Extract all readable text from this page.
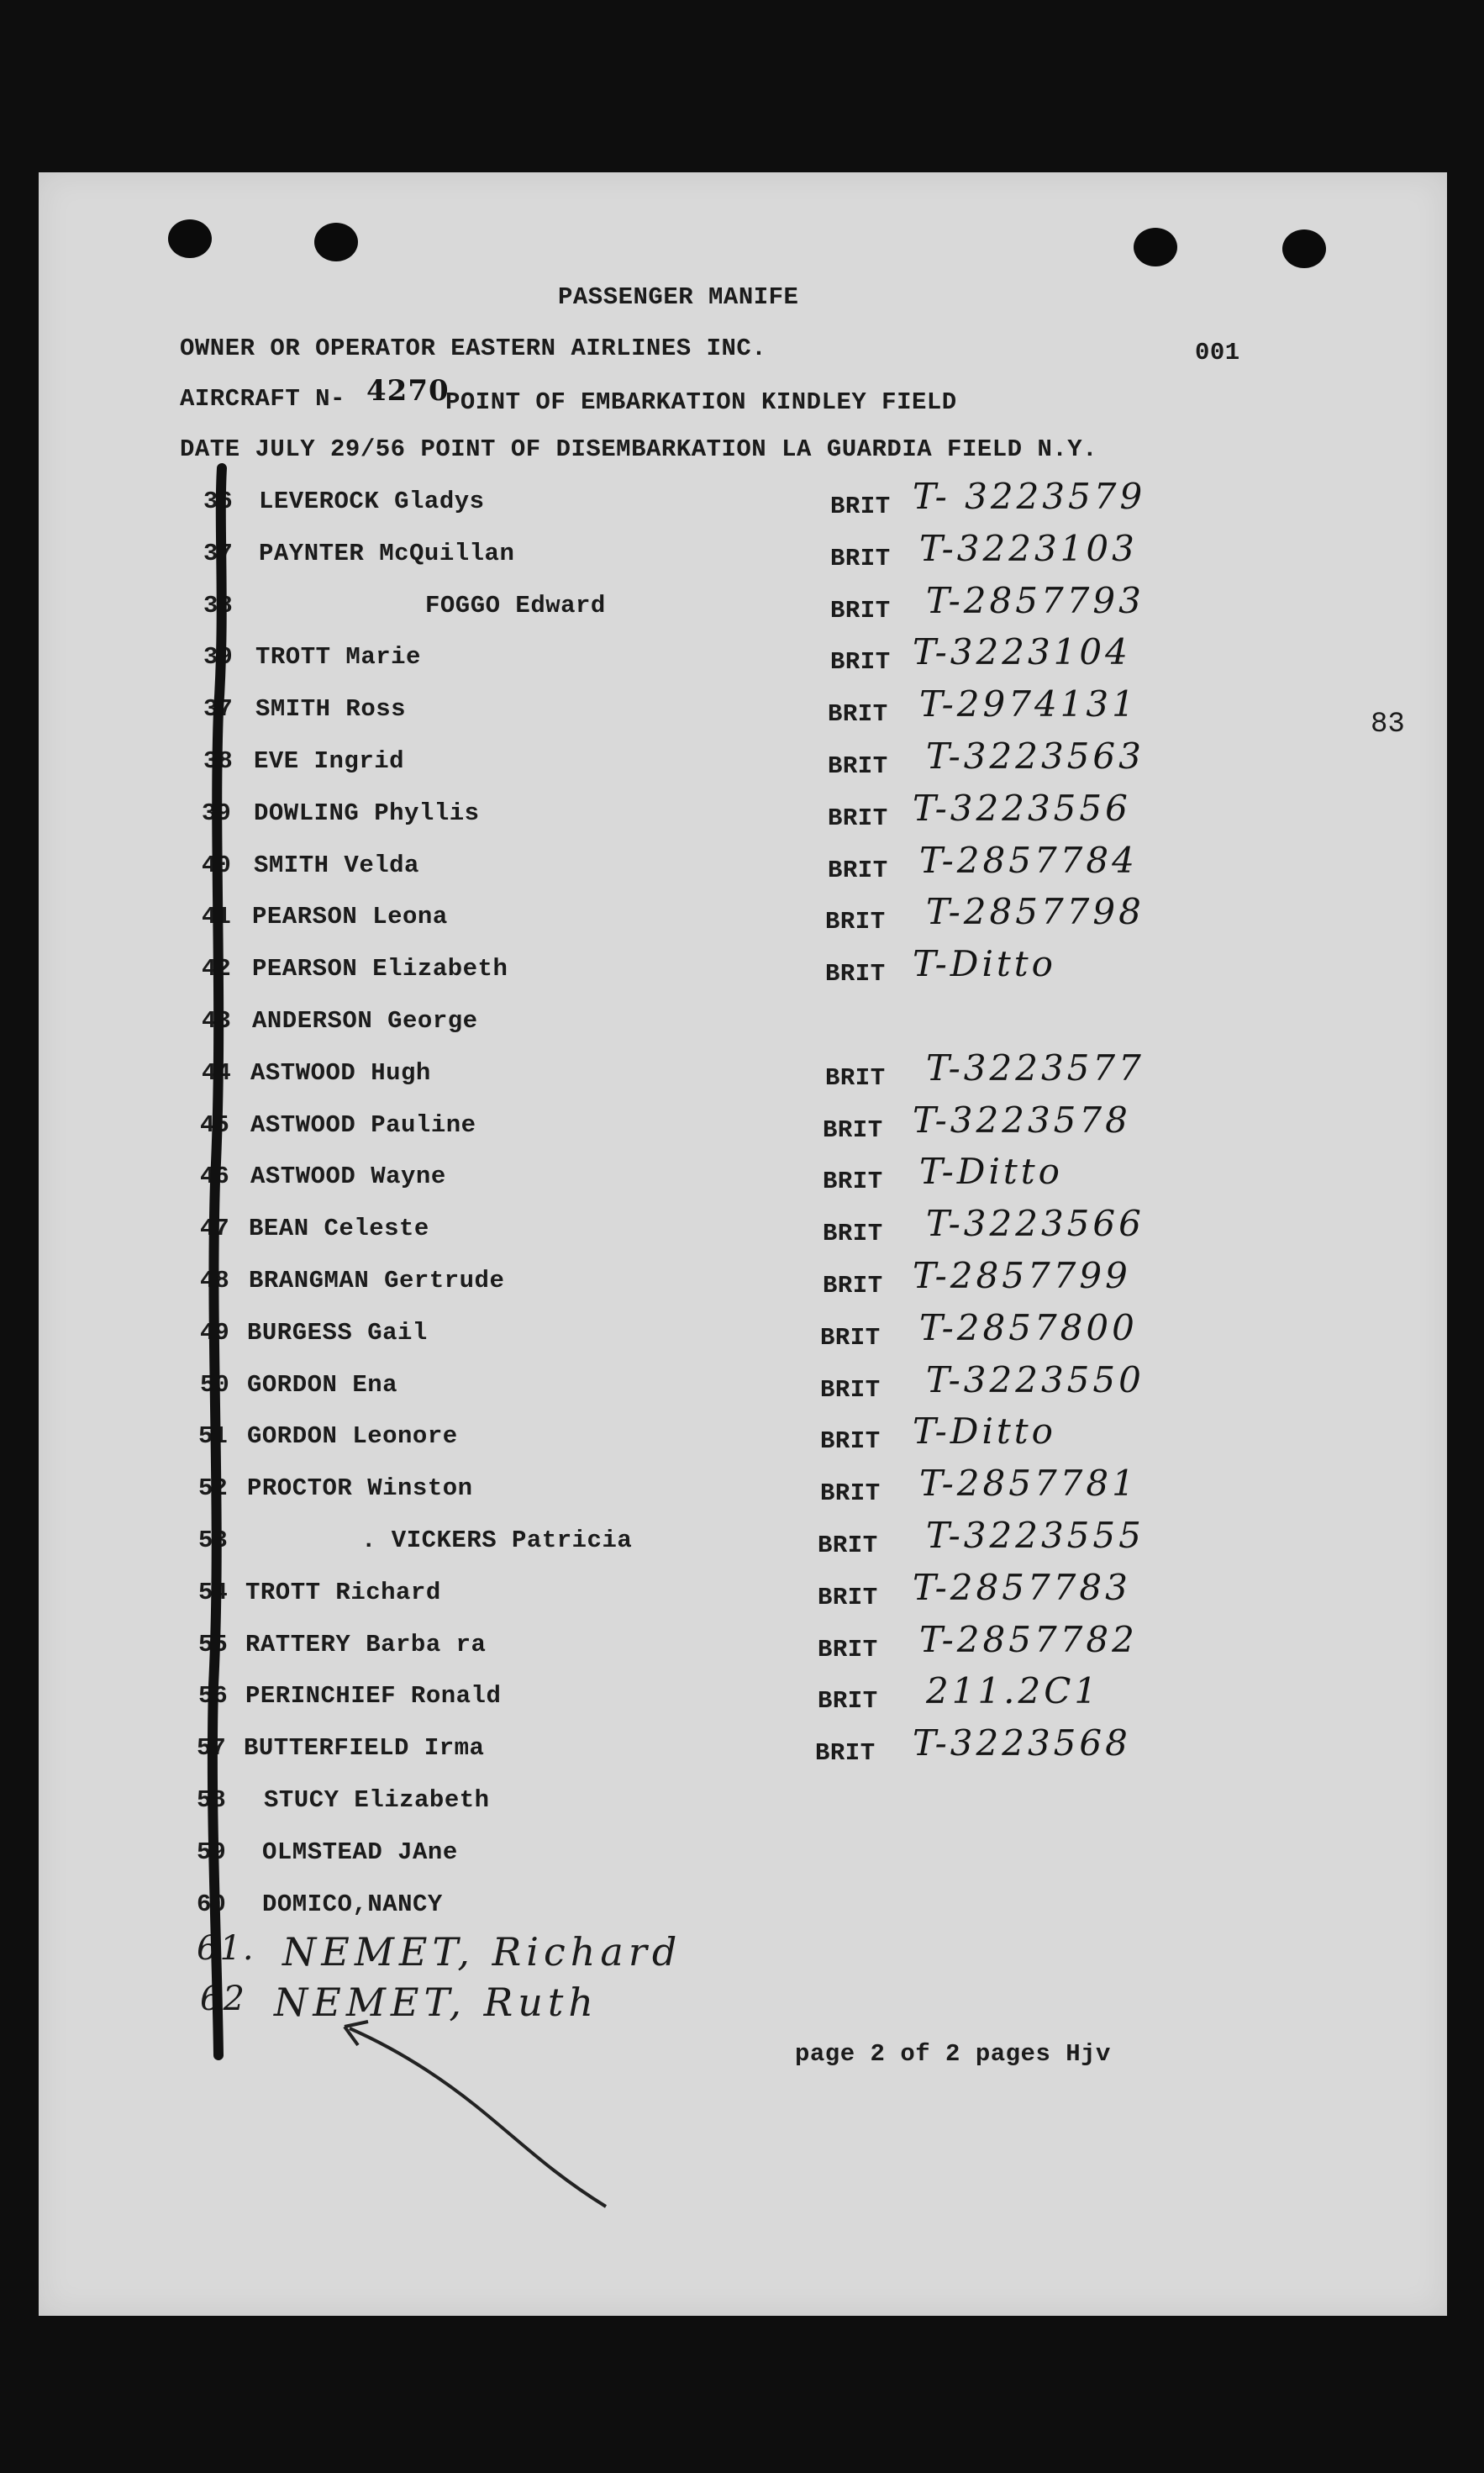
PASSENGER MANIFE
OWNER OR OPERATOR EASTERN AIRLINES INC.	001
AIRCRAFT N- 4270
POINT OF EMBARKATION KINDLEY FIELD
DATE JULY 29/56 POINT OF DISEMBARKATION LA GUARDIA FIELD N.Y.
83
36 LEVEROCK Gladys	BRIT T- 3223579
37 PAYNTER McQuillan	BRIT T-3223103
38	FOGGO Edward	BRIT T-2857793
39 TROTT Marie	BRIT T-3223104
37 SMITH Ross	BRIT T-2974131
38 EVE Ingrid	BRIT T-3223563
39 DOWLING Phyllis	BRIT T-3223556
40 SMITH Velda	BRIT T-2857784
41 PEARSON Leona	BRIT T-2857798
42 PEARSON Elizabeth	BRIT T-Ditto
43 ANDERSON George
44 ASTWOOD Hugh	BRIT T-3223577
45 ASTWOOD Pauline	BRIT T-3223578
46 ASTWOOD Wayne	BRIT T-Ditto
47 BEAN Celeste	BRIT T-3223566
48 BRANGMAN Gertrude	BRIT T-2857799
49 BURGESS Gail	BRIT T-2857800
50 GORDON Ena	BRIT T-3223550
51 GORDON Leonore	BRIT T-Ditto
52 PROCTOR Winston	BRIT T-2857781
53	. VICKERS Patricia	BRIT T-3223555
54 TROTT Richard	BRIT T-2857783
55 RATTERY Barba ra	BRIT T-2857782
56 PERINCHIEF Ronald	BRIT 211.2C1
57 BUTTERFIELD Irma	BRIT T-3223568
58 STUCY Elizabeth
59 OLMSTEAD JAne
60 DOMICO,NANCY
61. NEMET, Richard
62 NEMET, Ruth
page 2 of 2 pages Hjv
